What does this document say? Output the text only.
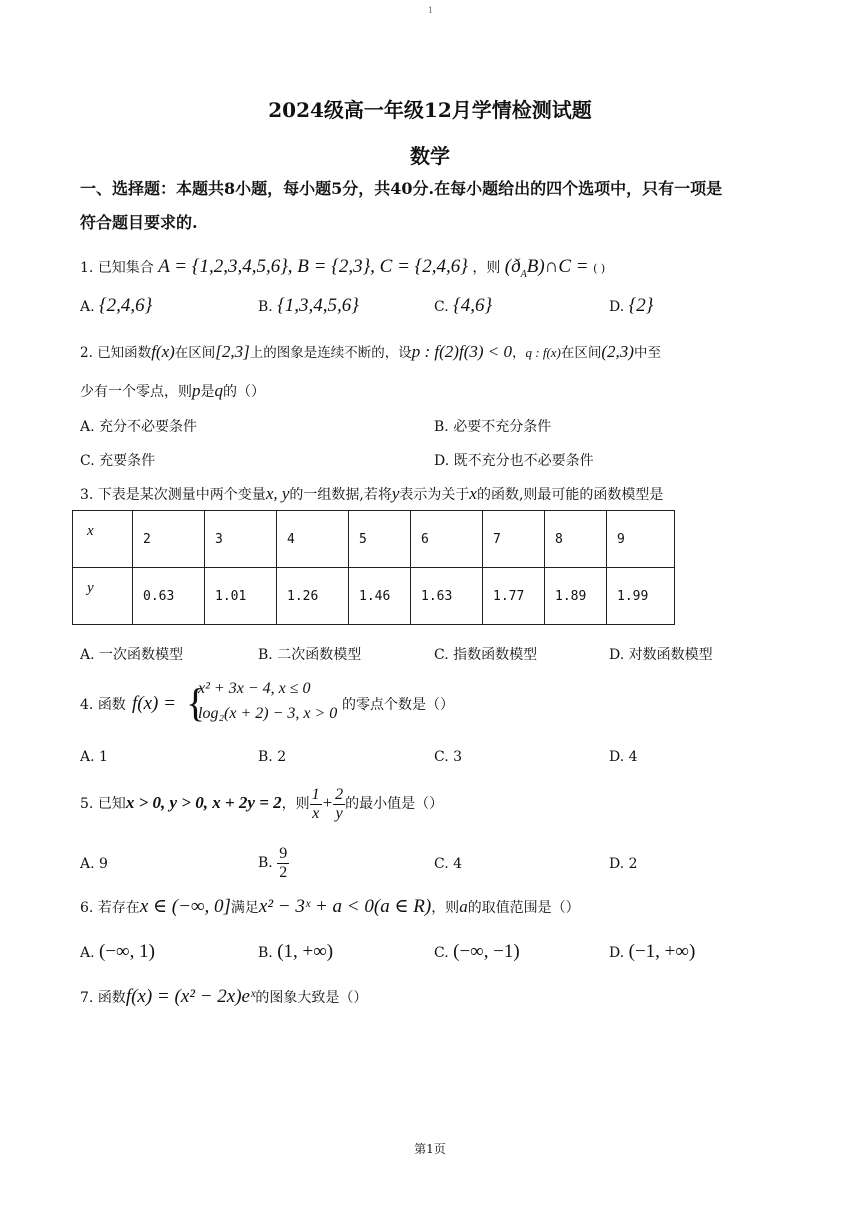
1
2024级高一年级12月学情检测试题
数学
一、选择题：本题共8小题，每小题5分，共40分.在每小题给出的四个选项中，只有一项是
符合题目要求的.
1. 已知集合 A = {1,2,3,4,5,6}, B = {2,3}, C = {2,4,6} ，则 $(ð_AB)\cap C$ = ( )
A. {2,4,6}	B. {1,3,4,5,6}	C. {4,6}	D. {2}
2. 已知函数f(x)在区间[2,3]上的图象是连续不断的，设p : f(2)f(3) < 0，q : f(x)在区间(2,3)中至
少有一个零点，则p是q的（）
A. 充分不必要条件	B. 必要不充分条件
C. 充要条件	D. 既不充分也不必要条件
3. 下表是某次测量中两个变量x, y的一组数据,若将y表示为关于x的函数,则最可能的函数模型是
x	2	3	4	5	6	7	8	9
y	0.63	1.01	1.26	1.46	1.63	1.77	1.89	1.99
A. 一次函数模型	B. 二次函数模型	C. 指数函数模型	D. 对数函数模型
4. 函数 f(x) = {
x² + 3x − 4, x ≤ 0
log₂(x + 2) − 3, x > 0 的零点个数是（）
A. 1	B. 2	C. 3	D. 4
5. 已知x > 0, y > 0, x + 2y = 2，则 $\frac{1}{x} + \frac{2}{y}$ 的最小值是（）
A. 9	B. $\frac{9}{2}$	C. 4	D. 2
6. 若存在x ∈ (−∞, 0]满足x² − 3ˣ + a < 0(a ∈ R)，则a的取值范围是（）
A. (−∞, 1)	B. (1, +∞)	C. (−∞, −1)	D. (−1, +∞)
7. 函数f(x) = (x² − 2x)eˣ的图象大致是（）
第1页
